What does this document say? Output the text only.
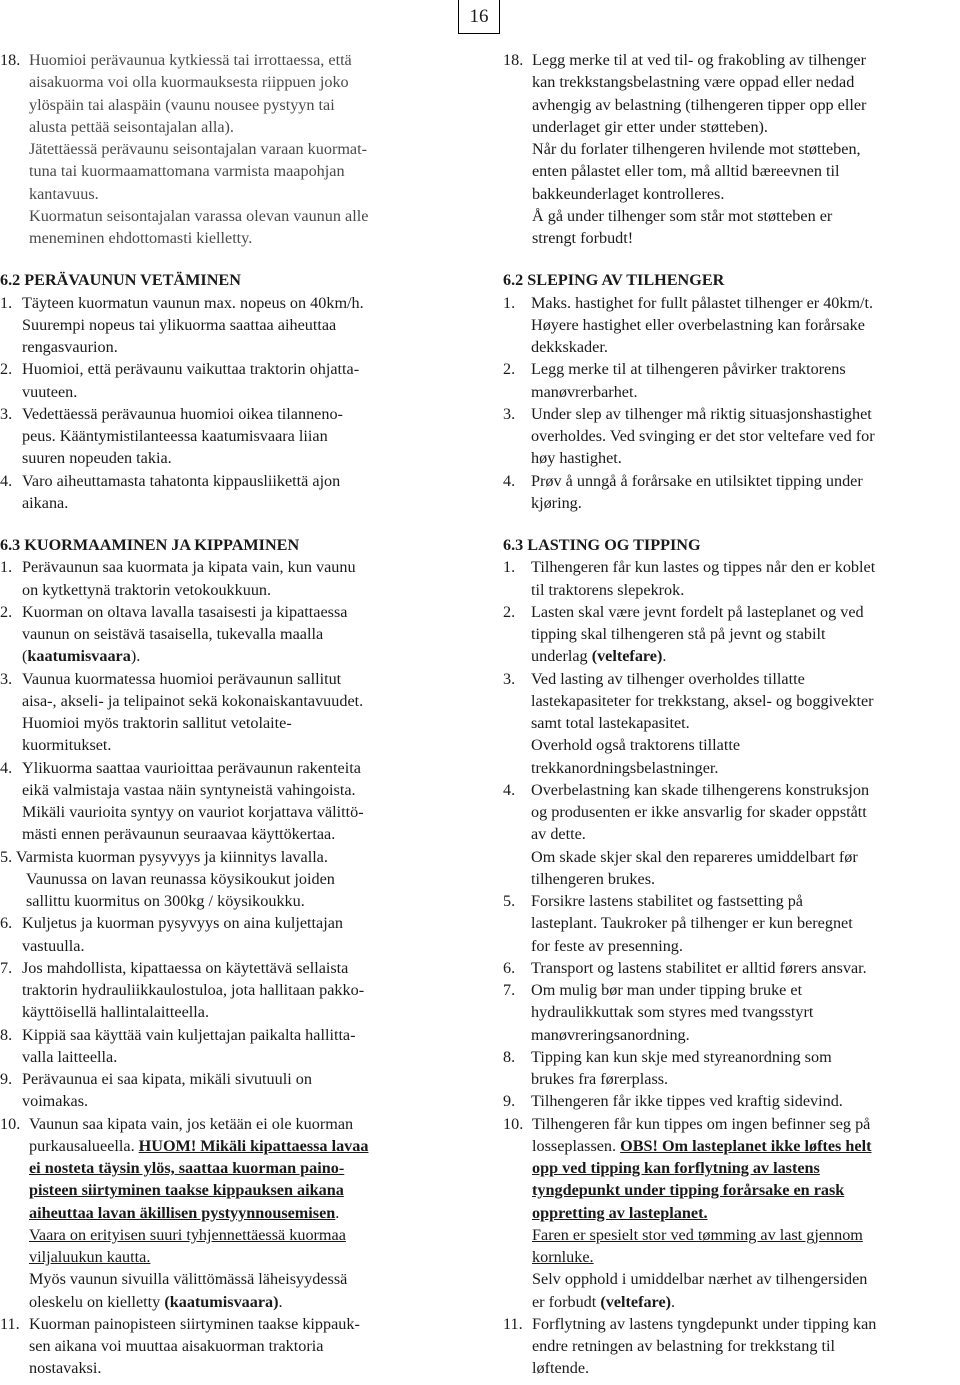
16
18. Huomioi perävaunua kytkiessä tai irrottaessa, että
aisakuorma voi olla kuormauksesta riippuen joko
ylöspäin tai alaspäin (vaunu nousee pystyyn tai
alusta pettää seisontajalan alla).
Jätettäessä perävaunu seisontajalan varaan kuormat-
tuna tai kuormaamattomana varmista maapohjan
kantavuus.
Kuormatun seisontajalan varassa olevan vaunun alle
meneminen ehdottomasti kielletty.
6.2 PERÄVAUNUN VETÄMINEN
1. Täyteen kuormatun vaunun max. nopeus on 40km/h.
Suurempi nopeus tai ylikuorma saattaa aiheuttaa
rengasvaurion.
2. Huomioi, että perävaunu vaikuttaa traktorin ohjatta-
vuuteen.
3. Vedettäessä perävaunua huomioi oikea tilanneno-
peus. Kääntymistilanteessa kaatumisvaara liian
suuren nopeuden takia.
4. Varo aiheuttamasta tahatonta kippausliikettä ajon
aikana.
6.3 KUORMAAMINEN JA KIPPAMINEN
1. Perävaunun saa kuormata ja kipata vain, kun vaunu
on kytkettynä traktorin vetokoukkuun.
2. Kuorman on oltava lavalla tasaisesti ja kipattaessa
vaunun on seistävä tasaisella, tukevalla maalla
(kaatumisvaara).
3. Vaunua kuormatessa huomioi perävaunun sallitut
aisa-, akseli- ja telipainot sekä kokonaiskantavuudet.
Huomioi myös traktorin sallitut vetolaite-
kuormitukset.
4. Ylikuorma saattaa vaurioittaa perävaunun rakenteita
eikä valmistaja vastaa näin syntyneistä vahingoista.
Mikäli vaurioita syntyy on vauriot korjattava välittö-
mästi ennen perävaunun seuraavaa käyttökertaa.
5. Varmista kuorman pysyvyys ja kiinnitys lavalla.
Vaunussa on lavan reunassa köysikoukut joiden
sallittu kuormitus on 300kg / köysikoukku.
6. Kuljetus ja kuorman pysyvyys on aina kuljettajan
vastuulla.
7. Jos mahdollista, kipattaessa on käytettävä sellaista
traktorin hydrauliikkaulostuloa, jota hallitaan pakko-
käyttöisellä hallintalaitteella.
8. Kippiä saa käyttää vain kuljettajan paikalta hallitta-
valla laitteella.
9. Perävaunua ei saa kipata, mikäli sivutuuli on
voimakas.
10. Vaunun saa kipata vain, jos ketään ei ole kuorman
purkausalueella. HUOM! Mikäli kipattaessa lavaa
ei nosteta täysin ylös, saattaa kuorman paino-
pisteen siirtyminen taakse kippauksen aikana
aiheuttaa lavan äkillisen pystyynnousemisen.
Vaara on erityisen suuri tyhjennettäessä kuormaa
viljaluukun kautta.
Myös vaunun sivuilla välittömässä läheisyydessä
oleskelu on kielletty (kaatumisvaara).
11. Kuorman painopisteen siirtyminen taakse kippauk-
sen aikana voi muuttaa aisakuorman traktoria
nostavaksi.
18. Legg merke til at ved til- og frakobling av tilhenger
kan trekkstangsbelastning være oppad eller nedad
avhengig av belastning (tilhengeren tipper opp eller
underlaget gir etter under støtteben).
Når du forlater tilhengeren hvilende mot støtteben,
enten pålastet eller tom, må alltid bæreevnen til
bakkeunderlaget kontrolleres.
Å gå under tilhenger som står mot støtteben er
strengt forbudt!
6.2 SLEPING AV TILHENGER
1. Maks. hastighet for fullt pålastet tilhenger er 40km/t.
Høyere hastighet eller overbelastning kan forårsake
dekkskader.
2. Legg merke til at tilhengeren påvirker traktorens
manøvrerbarhet.
3. Under slep av tilhenger må riktig situasjonshastighet
overholdes. Ved svinging er det stor veltefare ved for
høy hastighet.
4. Prøv å unngå å forårsake en utilsiktet tipping under
kjøring.
6.3 LASTING OG TIPPING
1. Tilhengeren får kun lastes og tippes når den er koblet
til traktorens slepekrok.
2. Lasten skal være jevnt fordelt på lasteplanet og ved
tipping skal tilhengeren stå på jevnt og stabilt
underlag (veltefare).
3. Ved lasting av tilhenger overholdes tillatte
lastekapasiteter for trekkstang, aksel- og boggivekter
samt total lastekapasitet.
Overhold også traktorens tillatte
trekkanordningsbelastninger.
4. Overbelastning kan skade tilhengerens konstruksjon
og produsenten er ikke ansvarlig for skader oppstått
av dette.
Om skade skjer skal den repareres umiddelbart før
tilhengeren brukes.
5. Forsikre lastens stabilitet og fastsetting på
lasteplant. Taukroker på tilhenger er kun beregnet
for feste av presenning.
6. Transport og lastens stabilitet er alltid førers ansvar.
7. Om mulig bør man under tipping bruke et
hydraulikkuttak som styres med tvangsstyrt
manøvreringsanordning.
8. Tipping kan kun skje med styreanordning som
brukes fra førerplass.
9. Tilhengeren får ikke tippes ved kraftig sidevind.
10. Tilhengeren får kun tippes om ingen befinner seg på
losseplassen. OBS! Om lasteplanet ikke løftes helt
opp ved tipping kan forflytning av lastens
tyngdepunkt under tipping forårsake en rask
oppretting av lasteplanet.
Faren er spesielt stor ved tømming av last gjennom
kornluke.
Selv opphold i umiddelbar nærhet av tilhengersiden
er forbudt (veltefare).
11. Forflytning av lastens tyngdepunkt under tipping kan
endre retningen av belastning for trekkstang til
løftende.
